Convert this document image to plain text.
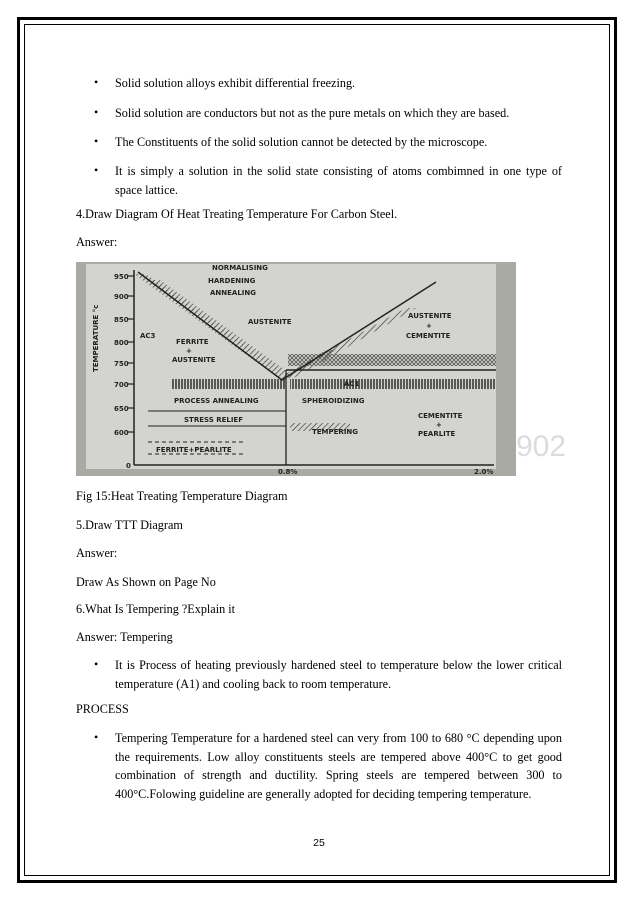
• Solid solution alloys exhibit differential freezing.
• Solid solution are conductors but not as the pure metals on which they are based.
• The Constituents of the solid solution cannot be detected by the microscope.
• It is simply a solution in the solid state consisting of atoms combimned in one type of space lattice.
4.Draw Diagram Of Heat Treating Temperature For Carbon Steel.
Answer:
950
900
850
800
750
700
650
600
0
0.8%	2.0%
TEMPERATURE °c
NORMALISING
HARDENING
ANNEALING
AUSTENITE
AUSTENITE
+
CEMENTITE
AC3
FERRITE
+
AUSTENITE
AC1
PROCESS ANNEALING	SPHEROIDIZING
STRESS RELIEF
TEMPERING
CEMENTITE
+
PEARLITE
FERRITE+PEARLITE	902
Fig 15:Heat Treating Temperature Diagram
5.Draw TTT Diagram
Answer:
Draw As Shown on Page No
6.What Is Tempering ?Explain it
Answer: Tempering
• It is Process of heating previously hardened steel to temperature below the lower critical temperature (A1) and cooling back to room temperature.
PROCESS
• Tempering Temperature for a hardened steel can very from 100 to 680 °C depending upon the requirements. Low alloy constituents steels are tempered above 400°C to get good combination of strength and ductility. Spring steels are tempered between 300 to 400°C.Folowing guideline are generally adopted for deciding tempering temperature.
25
